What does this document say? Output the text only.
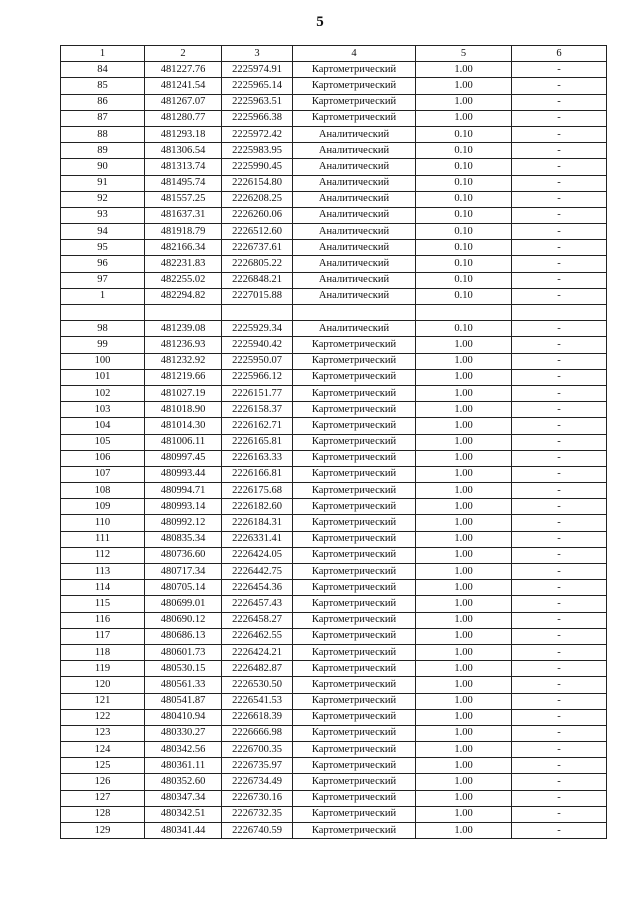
5
1	2	3	4	5	6
84	481227.76	2225974.91	Картометрический	1.00	-
85	481241.54	2225965.14	Картометрический	1.00	-
86	481267.07	2225963.51	Картометрический	1.00	-
87	481280.77	2225966.38	Картометрический	1.00	-
88	481293.18	2225972.42	Аналитический	0.10	-
89	481306.54	2225983.95	Аналитический	0.10	-
90	481313.74	2225990.45	Аналитический	0.10	-
91	481495.74	2226154.80	Аналитический	0.10	-
92	481557.25	2226208.25	Аналитический	0.10	-
93	481637.31	2226260.06	Аналитический	0.10	-
94	481918.79	2226512.60	Аналитический	0.10	-
95	482166.34	2226737.61	Аналитический	0.10	-
96	482231.83	2226805.22	Аналитический	0.10	-
97	482255.02	2226848.21	Аналитический	0.10	-
1	482294.82	2227015.88	Аналитический	0.10	-

98	481239.08	2225929.34	Аналитический	0.10	-
99	481236.93	2225940.42	Картометрический	1.00	-
100	481232.92	2225950.07	Картометрический	1.00	-
101	481219.66	2225966.12	Картометрический	1.00	-
102	481027.19	2226151.77	Картометрический	1.00	-
103	481018.90	2226158.37	Картометрический	1.00	-
104	481014.30	2226162.71	Картометрический	1.00	-
105	481006.11	2226165.81	Картометрический	1.00	-
106	480997.45	2226163.33	Картометрический	1.00	-
107	480993.44	2226166.81	Картометрический	1.00	-
108	480994.71	2226175.68	Картометрический	1.00	-
109	480993.14	2226182.60	Картометрический	1.00	-
110	480992.12	2226184.31	Картометрический	1.00	-
111	480835.34	2226331.41	Картометрический	1.00	-
112	480736.60	2226424.05	Картометрический	1.00	-
113	480717.34	2226442.75	Картометрический	1.00	-
114	480705.14	2226454.36	Картометрический	1.00	-
115	480699.01	2226457.43	Картометрический	1.00	-
116	480690.12	2226458.27	Картометрический	1.00	-
117	480686.13	2226462.55	Картометрический	1.00	-
118	480601.73	2226424.21	Картометрический	1.00	-
119	480530.15	2226482.87	Картометрический	1.00	-
120	480561.33	2226530.50	Картометрический	1.00	-
121	480541.87	2226541.53	Картометрический	1.00	-
122	480410.94	2226618.39	Картометрический	1.00	-
123	480330.27	2226666.98	Картометрический	1.00	-
124	480342.56	2226700.35	Картометрический	1.00	-
125	480361.11	2226735.97	Картометрический	1.00	-
126	480352.60	2226734.49	Картометрический	1.00	-
127	480347.34	2226730.16	Картометрический	1.00	-
128	480342.51	2226732.35	Картометрический	1.00	-
129	480341.44	2226740.59	Картометрический	1.00	-
